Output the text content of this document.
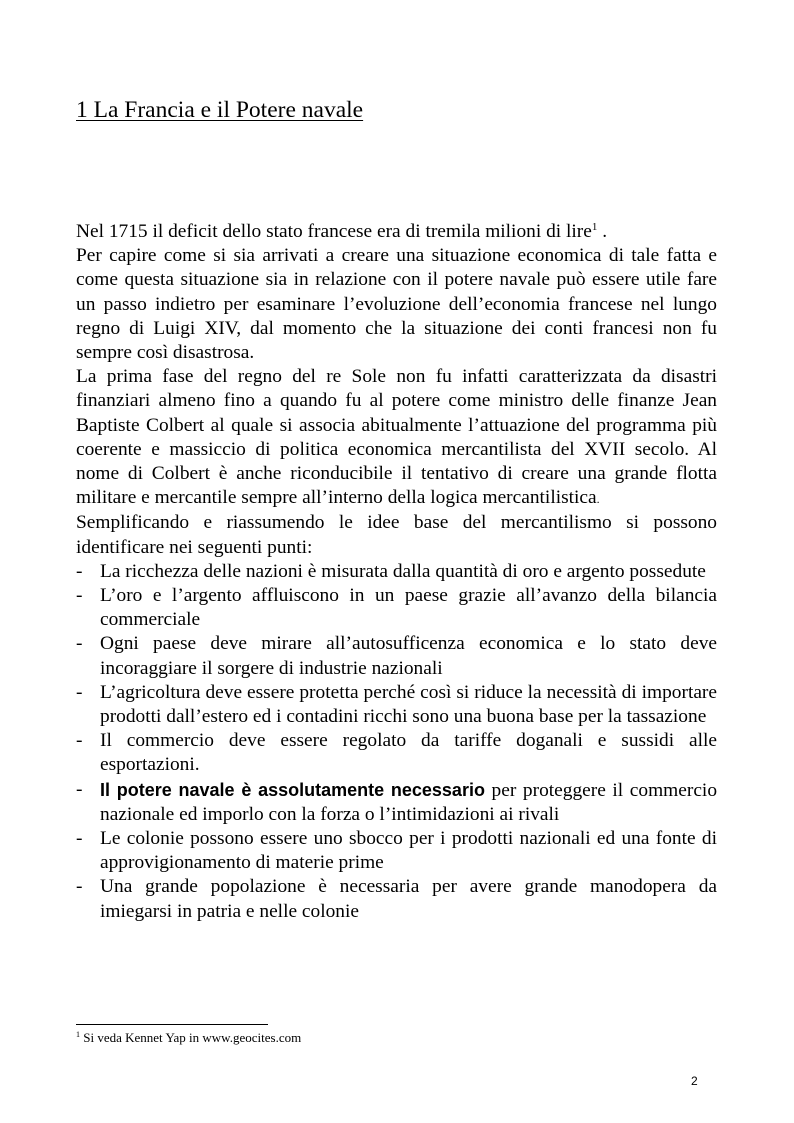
1 La Francia e il Potere navale

Nel 1715 il deficit dello stato francese era di tremila milioni di lire$^1$ .

Per capire come si sia arrivati a creare una situazione economica di tale fatta e come questa situazione sia in relazione con il potere navale può essere utile fare un passo indietro per esaminare l’evoluzione dell’economia francese nel lungo regno di Luigi XIV, dal momento che la situazione dei conti francesi non fu sempre così disastrosa.

La prima fase del regno del re Sole non fu infatti caratterizzata da disastri finanziari almeno fino a quando fu al potere come ministro delle finanze Jean Baptiste Colbert al quale si associa abitualmente l’attuazione del programma più coerente e massiccio di politica economica mercantilista del XVII secolo. Al nome di Colbert è anche riconducibile il tentativo di creare una grande flotta militare e mercantile sempre all’interno della logica mercantilistica.

Semplificando e riassumendo le idee base del mercantilismo si possono identificare nei seguenti punti:

- La ricchezza delle nazioni è misurata dalla quantità di oro e argento possedute
- L’oro e l’argento affluiscono in un paese grazie all’avanzo della bilancia commerciale
- Ogni paese deve mirare all’autosufficenza economica e lo stato deve incoraggiare il sorgere di industrie nazionali
- L’agricoltura deve essere protetta perché così si riduce la necessità di importare prodotti dall’estero ed i contadini ricchi sono una buona base per la tassazione
- Il commercio deve essere regolato da tariffe doganali e sussidi alle esportazioni.
- Il potere navale è assolutamente necessario per proteggere il commercio nazionale ed imporlo con la forza o l’intimidazioni ai rivali
- Le colonie possono essere uno sbocco per i prodotti nazionali ed una fonte di approvigionamento di materie prime
- Una grande popolazione è necessaria per avere grande manodopera da imiegarsi in patria e nelle colonie
$^1$ Si veda Kennet Yap in www.geocites.com
2
